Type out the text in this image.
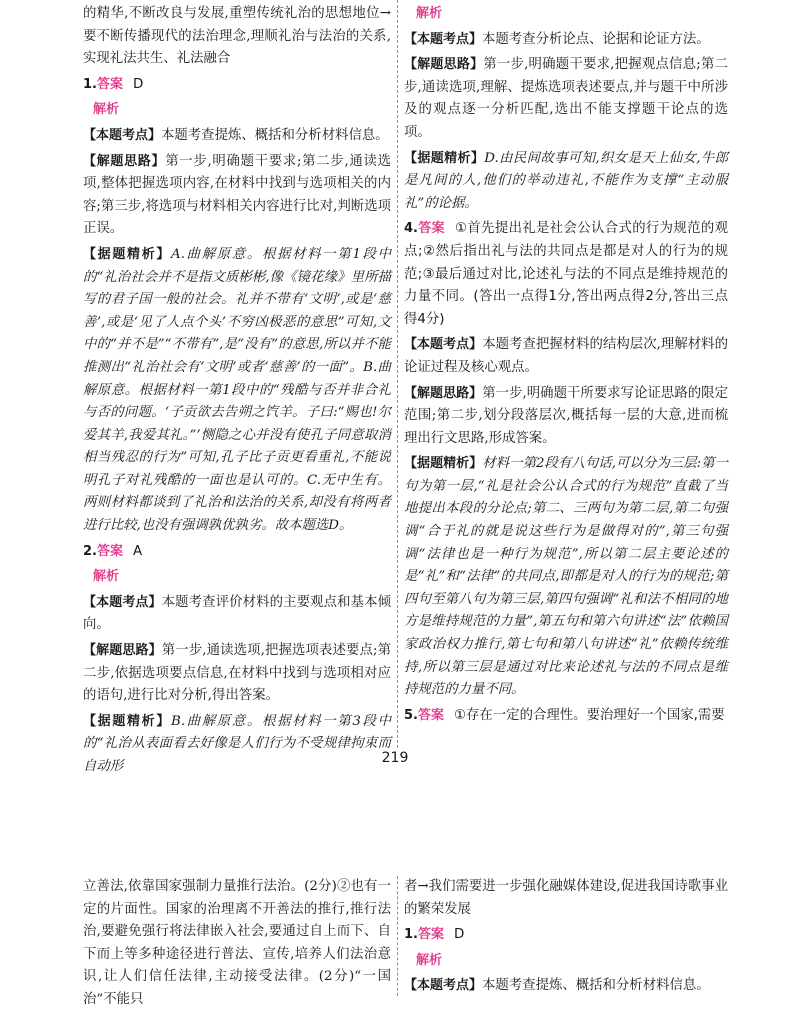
的精华,不断改良与发展,重塑传统礼治的思想地位→要不断传播现代的法治理念,理顺礼治与法治的关系,实现礼法共生、礼法融合

1.答案 D

解析

【本题考点】本题考查提炼、概括和分析材料信息。

【解题思路】第一步,明确题干要求;第二步,通读选项,整体把握选项内容,在材料中找到与选项相关的内容;第三步,将选项与材料相关内容进行比对,判断选项正误。

【据题精析】A.曲解原意。根据材料一第1段中的“礼治社会并不是指文质彬彬,像《镜花缘》里所描写的君子国一般的社会。礼并不带有‘文明’,或是‘慈善’,或是‘见了人点个头’不穷凶极恶的意思”可知,文中的“并不是”“不带有”,是“没有”的意思,所以并不能推测出“礼治社会有‘文明’或者‘慈善’的一面”。B.曲解原意。根据材料一第1段中的“残酷与否并非合礼与否的问题。‘子贡欲去告朔之饩羊。子曰:“赐也!尔爱其羊,我爱其礼。”’恻隐之心并没有使孔子同意取消相当残忍的行为”可知,孔子比子贡更看重礼,不能说明孔子对礼残酷的一面也是认可的。C.无中生有。两则材料都谈到了礼治和法治的关系,却没有将两者进行比较,也没有强调孰优孰劣。故本题选D。

2.答案 A

解析

【本题考点】本题考查评价材料的主要观点和基本倾向。

【解题思路】第一步,通读选项,把握选项表述要点;第二步,依据选项要点信息,在材料中找到与选项相对应的语句,进行比对分析,得出答案。

【据题精析】B.曲解原意。根据材料一第3段中的“礼治从表面看去好像是人们行为不受规律拘束而自动形

解析

【本题考点】本题考查分析论点、论据和论证方法。

【解题思路】第一步,明确题干要求,把握观点信息;第二步,通读选项,理解、提炼选项表述要点,并与题干中所涉及的观点逐一分析匹配,选出不能支撑题干论点的选项。

【据题精析】D.由民间故事可知,织女是天上仙女,牛郎是凡间的人,他们的举动违礼,不能作为支撑“主动服礼”的论据。

4.答案 ①首先提出礼是社会公认合式的行为规范的观点;②然后指出礼与法的共同点是都是对人的行为的规范;③最后通过对比,论述礼与法的不同点是维持规范的力量不同。(答出一点得1分,答出两点得2分,答出三点得4分)

【本题考点】本题考查把握材料的结构层次,理解材料的论证过程及核心观点。

【解题思路】第一步,明确题干所要求写论证思路的限定范围;第二步,划分段落层次,概括每一层的大意,进而梳理出行文思路,形成答案。

【据题精析】材料一第2段有八句话,可以分为三层:第一句为第一层,“礼是社会公认合式的行为规范”直截了当地提出本段的分论点;第二、三两句为第二层,第二句强调“合于礼的就是说这些行为是做得对的”,第三句强调“法律也是一种行为规范”,所以第二层主要论述的是“礼”和“法律”的共同点,即都是对人的行为的规范;第四句至第八句为第三层,第四句强调“礼和法不相同的地方是维持规范的力量”,第五句和第六句讲述“法”依赖国家政治权力推行,第七句和第八句讲述“礼”依赖传统维持,所以第三层是通过对比来论述礼与法的不同点是维持规范的力量不同。

5.答案 ①存在一定的合理性。要治理好一个国家,需要

219

立善法,依靠国家强制力量推行法治。(2分)②也有一定的片面性。国家的治理离不开善法的推行,推行法治,要避免强行将法律嵌入社会,要通过自上而下、自下而上等多种途径进行普法、宣传,培养人们法治意识,让人们信任法律,主动接受法律。(2分)“一国治”不能只

者→我们需要进一步强化融媒体建设,促进我国诗歌事业的繁荣发展

1.答案 D

解析

【本题考点】本题考查提炼、概括和分析材料信息。
